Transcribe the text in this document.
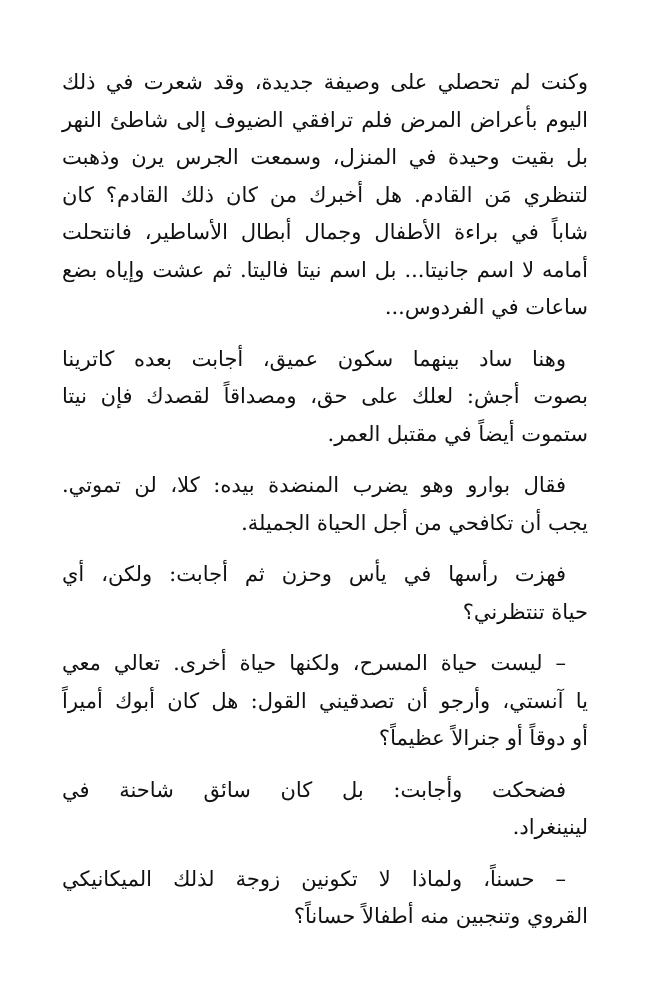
وكنت لم تحصلي على وصيفة جديدة، وقد شعرت في ذلك
اليوم بأعراض المرض فلم ترافقي الضيوف إلى شاطئ النهر
بل بقيت وحيدة في المنزل، وسمعت الجرس يرن وذهبت
لتنظري مَن القادم. هل أخبرك من كان ذلك القادم؟ كان
شاباً في براءة الأطفال وجمال أبطال الأساطير، فانتحلت
أمامه لا اسم جانيتا... بل اسم نيتا فاليتا. ثم عشت وإياه بضع
ساعات في الفردوس...

وهنا ساد بينهما سكون عميق، أجابت بعده كاترينا
بصوت أجش: لعلك على حق، ومصداقاً لقصدك فإن نيتا
ستموت أيضاً في مقتبل العمر.

فقال بوارو وهو يضرب المنضدة بيده: كلا، لن تموتي.
يجب أن تكافحي من أجل الحياة الجميلة.

فهزت رأسها في يأس وحزن ثم أجابت: ولكن، أي
حياة تنتظرني؟

– ليست حياة المسرح، ولكنها حياة أخرى. تعالي معي
يا آنستي، وأرجو أن تصدقيني القول: هل كان أبوك أميراً
أو دوقاً أو جنرالاً عظيماً؟

فضحكت وأجابت: بل كان سائق شاحنة في
لينينغراد.

– حسناً، ولماذا لا تكونين زوجة لذلك الميكانيكي
القروي وتنجبين منه أطفالاً حساناً؟
